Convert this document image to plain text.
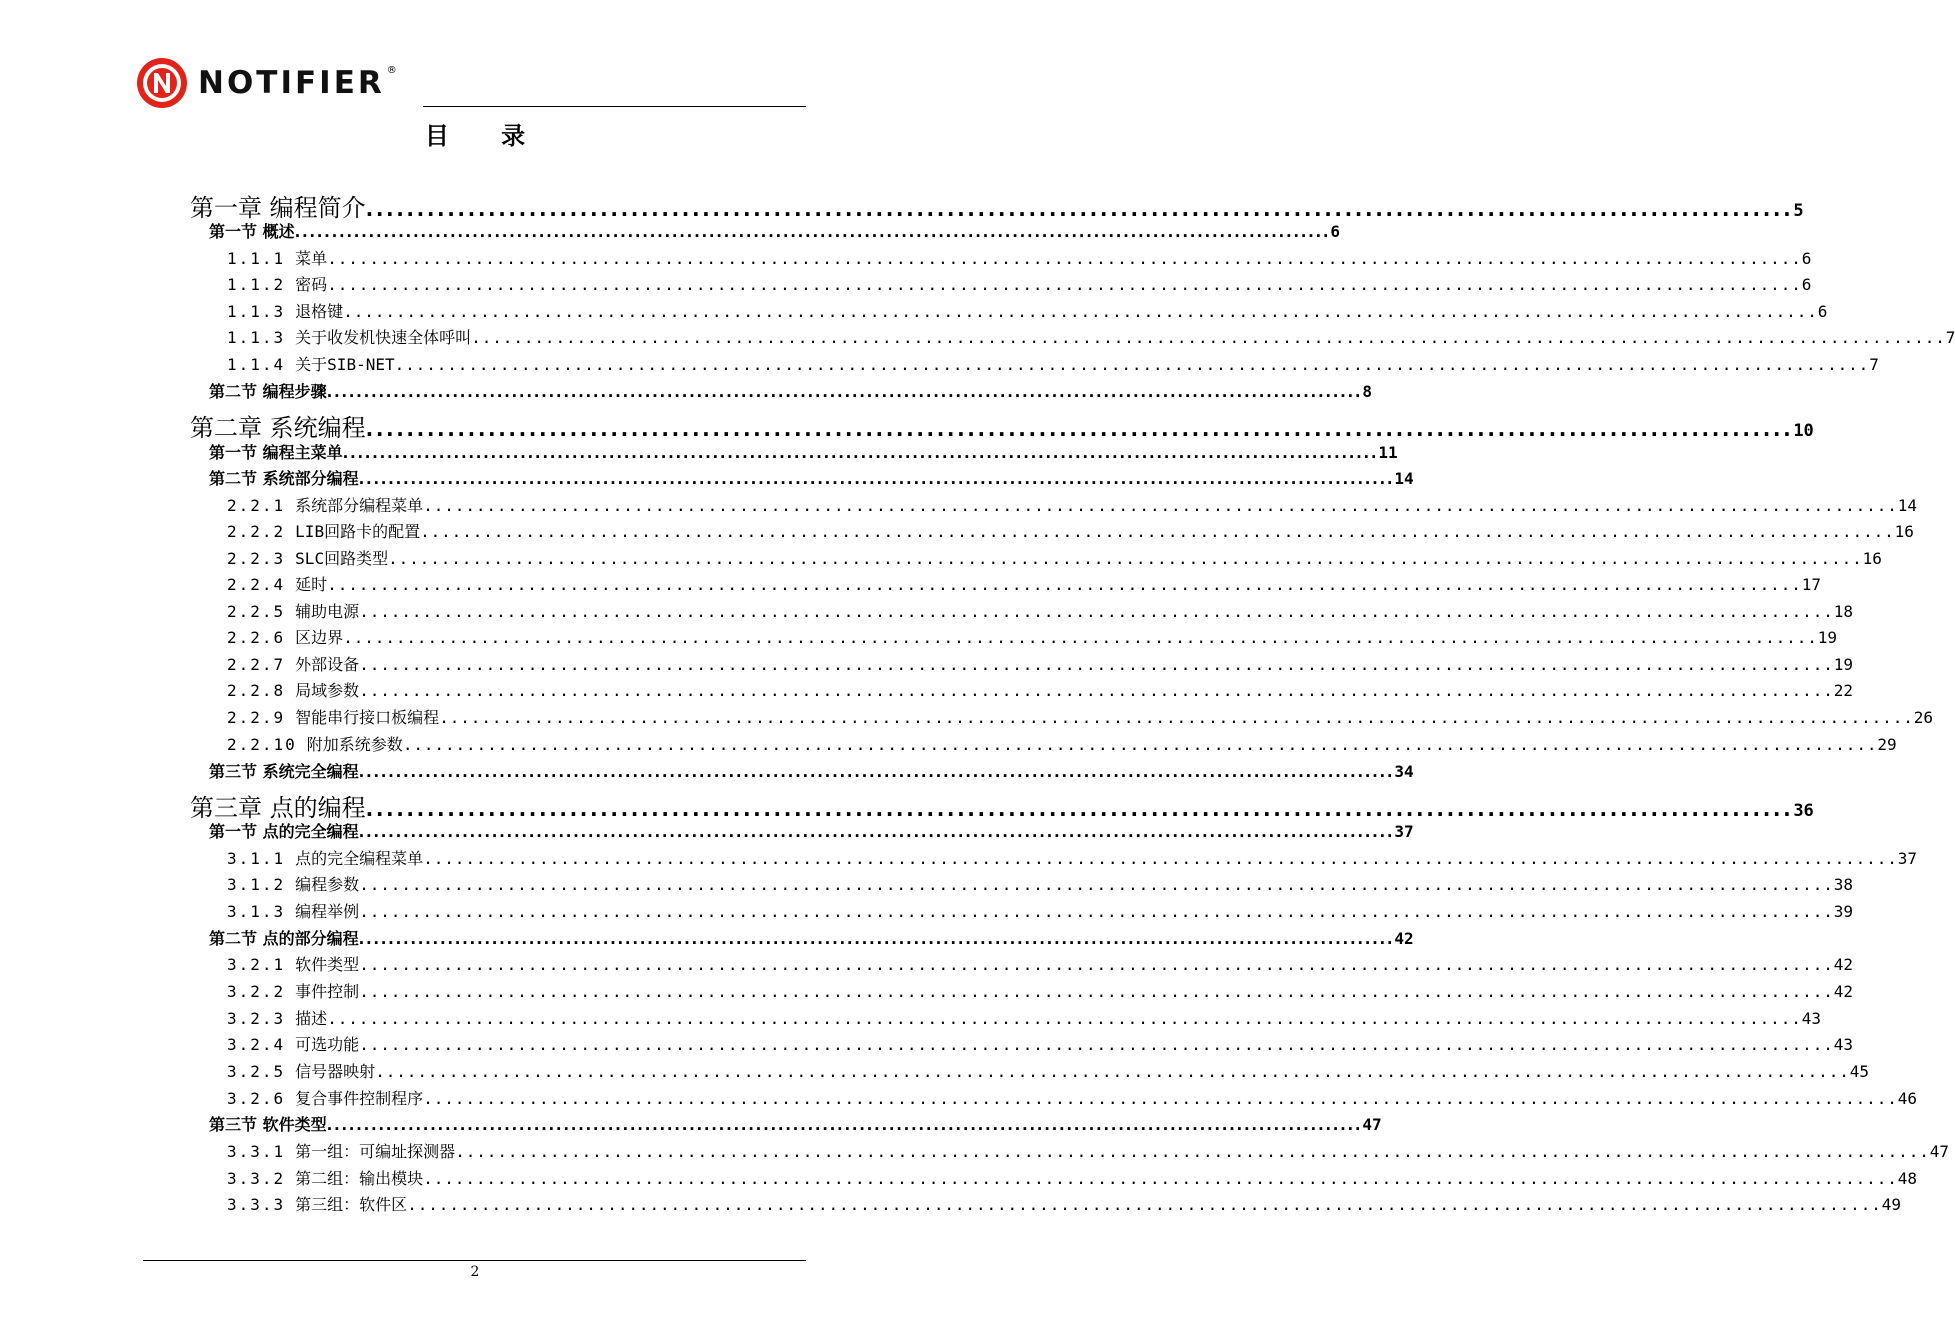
NOTIFIER ®
目 录
第一章 编程简介 ............................................................................................................................................ 5
第一节 概述 ............................................................................................................................................ 6
1.1.1 菜单 ............................................................................................................................................ 6
1.1.2 密码 ............................................................................................................................................ 6
1.1.3 退格键 ............................................................................................................................................ 6
1.1.3 关于收发机快速全体呼叫 ............................................................................................................................................ 7
1.1.4 关于SIB-NET ............................................................................................................................................ 7
第二节 编程步骤 ............................................................................................................................................ 8
第二章 系统编程 ............................................................................................................................................ 10
第一节 编程主菜单 ............................................................................................................................................ 11
第二节 系统部分编程 ............................................................................................................................................ 14
2.2.1 系统部分编程菜单 ............................................................................................................................................ 14
2.2.2 LIB回路卡的配置 ............................................................................................................................................ 16
2.2.3 SLC回路类型 ............................................................................................................................................ 16
2.2.4 延时 ............................................................................................................................................ 17
2.2.5 辅助电源 ............................................................................................................................................ 18
2.2.6 区边界 ............................................................................................................................................ 19
2.2.7 外部设备 ............................................................................................................................................ 19
2.2.8 局域参数 ............................................................................................................................................ 22
2.2.9 智能串行接口板编程 ............................................................................................................................................ 26
2.2.10 附加系统参数 ............................................................................................................................................ 29
第三节 系统完全编程 ............................................................................................................................................ 34
第三章 点的编程 ............................................................................................................................................ 36
第一节 点的完全编程 ............................................................................................................................................ 37
3.1.1 点的完全编程菜单 ............................................................................................................................................ 37
3.1.2 编程参数 ............................................................................................................................................ 38
3.1.3 编程举例 ............................................................................................................................................ 39
第二节 点的部分编程 ............................................................................................................................................ 42
3.2.1 软件类型 ............................................................................................................................................ 42
3.2.2 事件控制 ............................................................................................................................................ 42
3.2.3 描述 ............................................................................................................................................ 43
3.2.4 可选功能 ............................................................................................................................................ 43
3.2.5 信号器映射 ............................................................................................................................................ 45
3.2.6 复合事件控制程序 ............................................................................................................................................ 46
第三节 软件类型 ............................................................................................................................................ 47
3.3.1 第一组：可编址探测器 ............................................................................................................................................ 47
3.3.2 第二组：输出模块 ............................................................................................................................................ 48
3.3.3 第三组：软件区 ............................................................................................................................................ 49
2
